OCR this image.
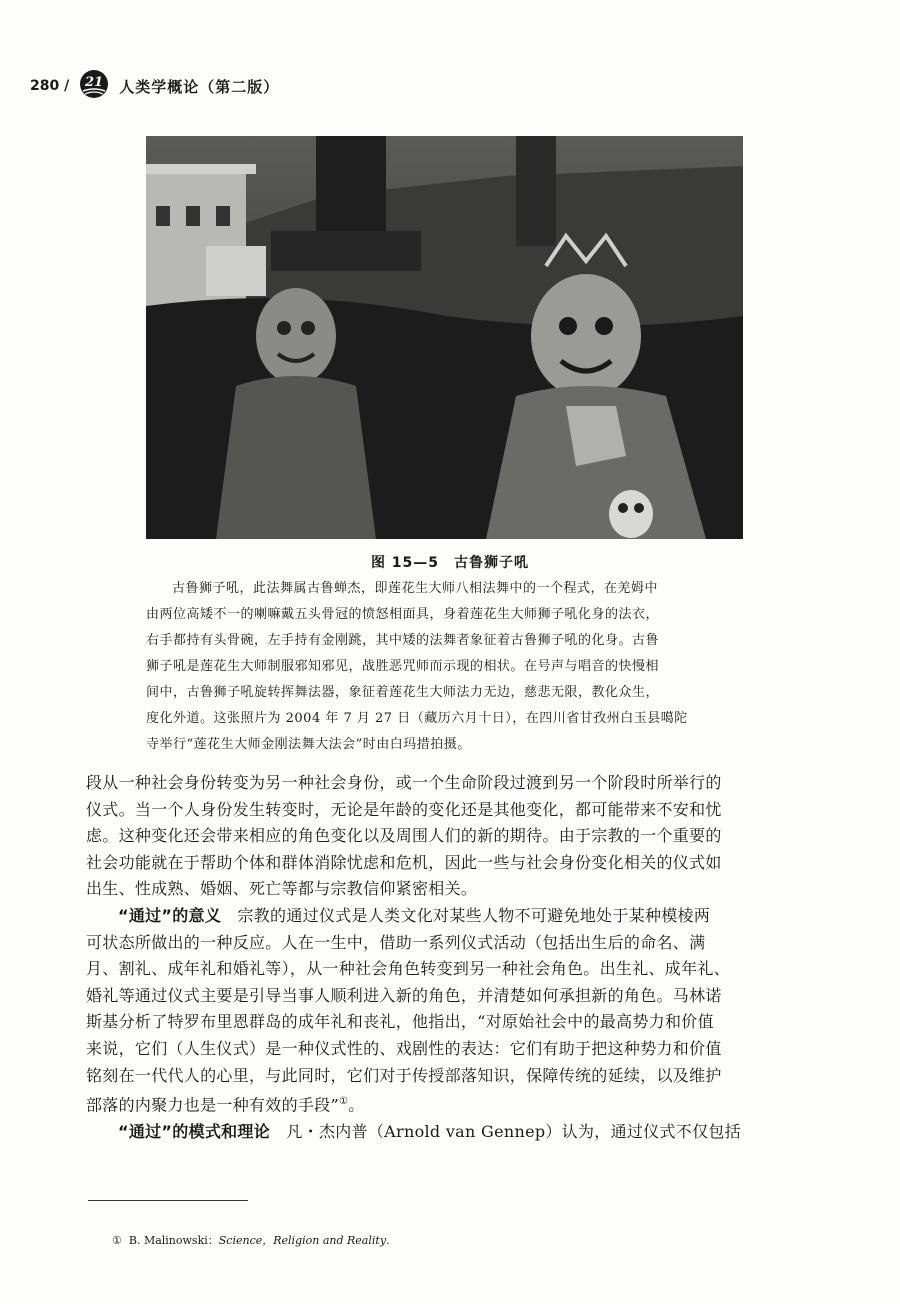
280 / 21 人类学概论（第二版）
图 15—5　古鲁狮子吼
古鲁狮子吼，此法舞属古鲁蝉杰，即莲花生大师八相法舞中的一个程式，在羌姆中
由两位高矮不一的喇嘛戴五头骨冠的愤怒相面具，身着莲花生大师狮子吼化身的法衣，
右手都持有头骨碗，左手持有金刚跳，其中矮的法舞者象征着古鲁狮子吼的化身。古鲁
狮子吼是莲花生大师制服邪知邪见，战胜恶咒师而示现的相状。在号声与唱音的快慢相
间中，古鲁狮子吼旋转挥舞法器，象征着莲花生大师法力无边，慈悲无限，教化众生，
度化外道。这张照片为 2004 年 7 月 27 日（藏历六月十日），在四川省甘孜州白玉县噶陀
寺举行“莲花生大师金刚法舞大法会”时由白玛措拍摄。
段从一种社会身份转变为另一种社会身份，或一个生命阶段过渡到另一个阶段时所举行的
仪式。当一个人身份发生转变时，无论是年龄的变化还是其他变化，都可能带来不安和忧
虑。这种变化还会带来相应的角色变化以及周围人们的新的期待。由于宗教的一个重要的
社会功能就在于帮助个体和群体消除忧虑和危机，因此一些与社会身份变化相关的仪式如
出生、性成熟、婚姻、死亡等都与宗教信仰紧密相关。
“通过”的意义　 宗教的通过仪式是人类文化对某些人物不可避免地处于某种模棱两
可状态所做出的一种反应。人在一生中，借助一系列仪式活动（包括出生后的命名、满
月、割礼、成年礼和婚礼等），从一种社会角色转变到另一种社会角色。出生礼、成年礼、
婚礼等通过仪式主要是引导当事人顺利进入新的角色，并清楚如何承担新的角色。马林诺
斯基分析了特罗布里恩群岛的成年礼和丧礼，他指出，“对原始社会中的最高势力和价值
来说，它们（人生仪式）是一种仪式性的、戏剧性的表达：它们有助于把这种势力和价值
铭刻在一代代人的心里，与此同时，它们对于传授部落知识，保障传统的延续，以及维护
部落的内聚力也是一种有效的手段”①。
“通过”的模式和理论　 凡・杰内普（Arnold van Gennep）认为，通过仪式不仅包括
① B. Malinowski：Science，Religion and Reality.
